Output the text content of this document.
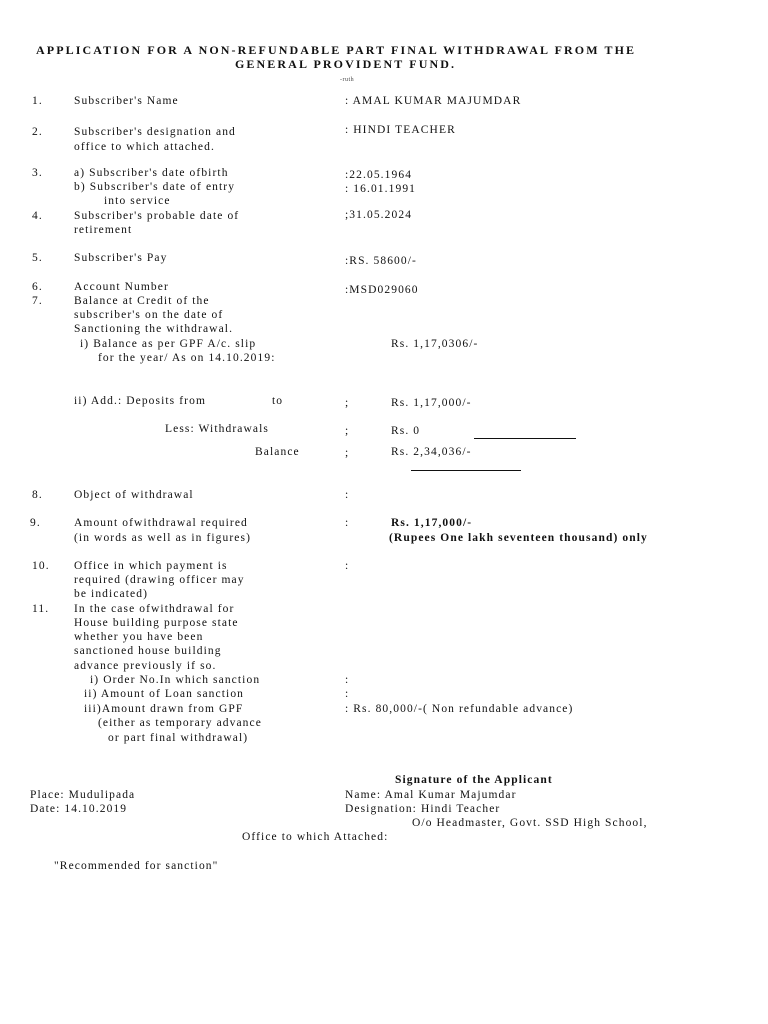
APPLICATION FOR A NON-REFUNDABLE PART FINAL WITHDRAWAL FROM THE
GENERAL PROVIDENT FUND.
-ruth
1.	Subscriber's Name	: AMAL KUMAR MAJUMDAR
2.	Subscriber's designation and
office to which attached.
: HINDI TEACHER
3.	a) Subscriber's date ofbirth	:22.05.1964
b) Subscriber's date of entry
into service
: 16.01.1991
4.	Subscriber's probable date of
retirement
;31.05.2024
5.	Subscriber's Pay	:RS. 58600/-
6.	Account Number	:MSD029060
7.	Balance at Credit of the
subscriber's on the date of
Sanctioning the withdrawal.
i) Balance as per GPF A/c. slip
for the year/ As on 14.10.2019:
Rs. 1,17,0306/-
ii) Add.: Deposits from	to	;	Rs. 1,17,000/-
Less: Withdrawals	;	Rs. 0
Balance	;	Rs. 2,34,036/-
8.	Object of withdrawal	:
9.	Amount ofwithdrawal required
(in words as well as in figures)
:	Rs. 1,17,000/-
(Rupees One lakh seventeen thousand) only
10. Office in which payment is
required (drawing officer may
be indicated)
:
11. In the case ofwithdrawal for
House building purpose state
whether you have been
sanctioned house building
advance previously if so.
i) Order No.In which sanction	:
ii) Amount of Loan sanction	:
iii)Amount drawn from GPF
(either as temporary advance
or part final withdrawal)
: Rs. 80,000/-( Non refundable advance)
Signature of the Applicant
Place: Mudulipada	Name: Amal Kumar Majumdar
Date: 14.10.2019	Designation: Hindi Teacher
O/o Headmaster, Govt. SSD High School,
Office to which Attached:
"Recommended for sanction"
